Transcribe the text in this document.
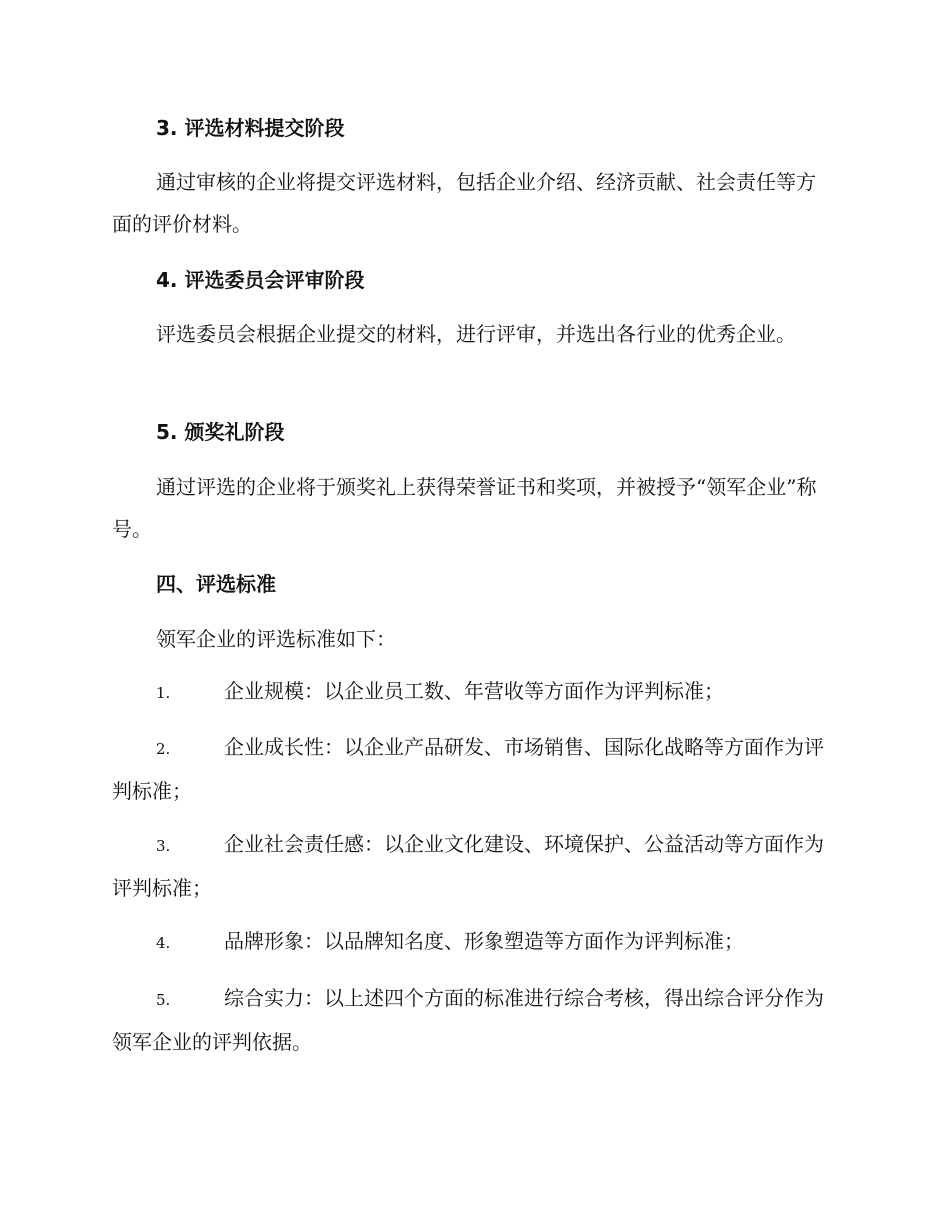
3. 评选材料提交阶段
通过审核的企业将提交评选材料，包括企业介绍、经济贡献、社会责任等方面的评价材料。
4. 评选委员会评审阶段
评选委员会根据企业提交的材料，进行评审，并选出各行业的优秀企业。
5. 颁奖礼阶段
通过评选的企业将于颁奖礼上获得荣誉证书和奖项，并被授予“领军企业”称号。
四、评选标准
领军企业的评选标准如下：
1.	企业规模：以企业员工数、年营收等方面作为评判标准；
2.	企业成长性：以企业产品研发、市场销售、国际化战略等方面作为评判标准；
3.	企业社会责任感：以企业文化建设、环境保护、公益活动等方面作为评判标准；
4.	品牌形象：以品牌知名度、形象塑造等方面作为评判标准；
5.	综合实力：以上述四个方面的标准进行综合考核，得出综合评分作为领军企业的评判依据。
